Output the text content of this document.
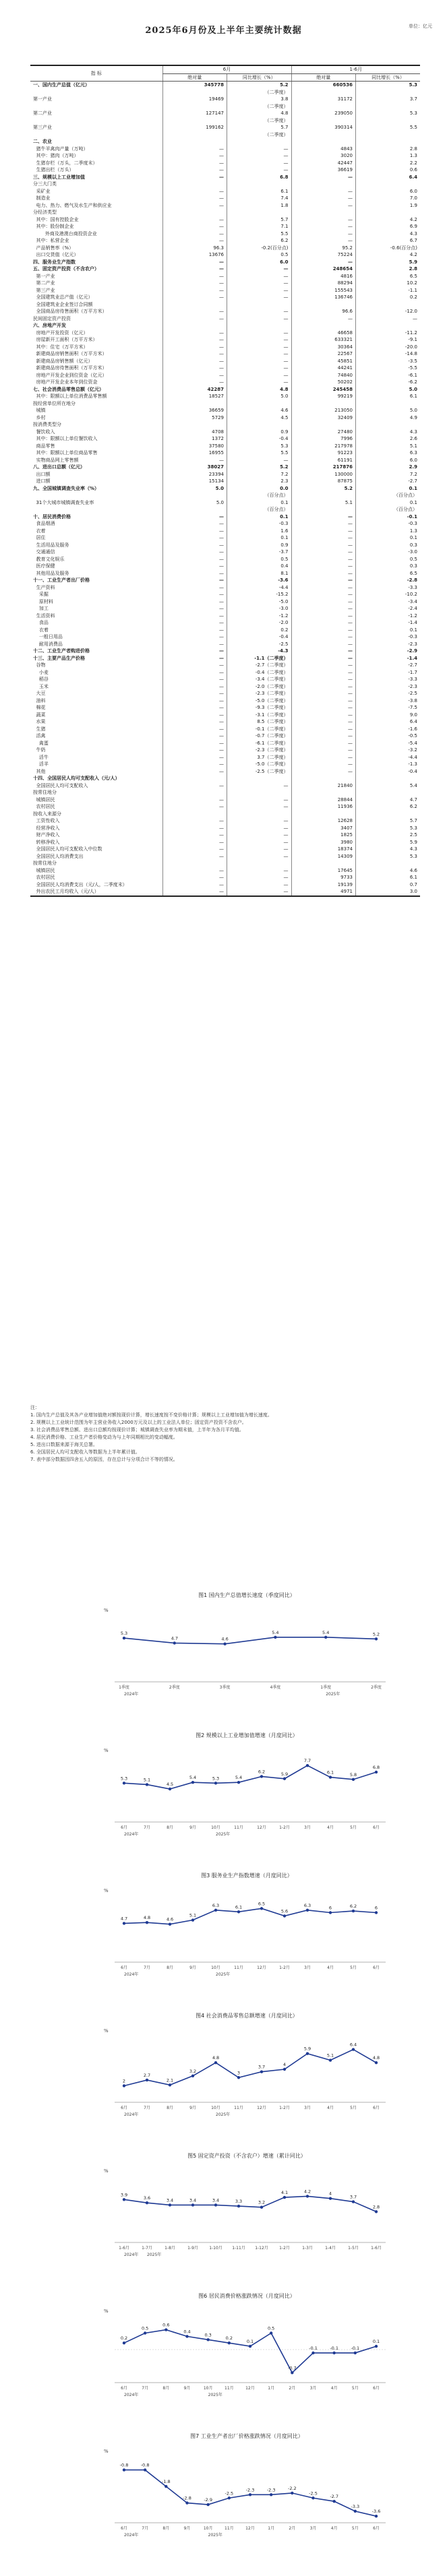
2025年6月份及上半年主要统计数据	单位：亿元
指 标	6月		1-6月	
	绝对量	同比增长（%）	绝对量	同比增长（%）
一、国内生产总值（亿元）	345778	5.2	660536	5.3
		（二季度）		
第一产业	19469	3.8	31172	3.7
		（二季度）		
第二产业	127147	4.8	239050	5.3
		（二季度）		
第三产业	199162	5.7	390314	5.5
		（二季度）		
二、农业				
猪牛羊禽肉产量（万吨）	—	—	4843	2.8
其中：猪肉（万吨）	—	—	3020	1.3
生猪存栏（万头，二季度末）	—	—	42447	2.2
生猪出栏（万头）	—	—	36619	0.6
三、规模以上工业增加值	—	6.8	—	6.4
分三大门类				
采矿业	—	6.1	—	6.0
制造业	—	7.4	—	7.0
电力、热力、燃气及水生产和供应业	—	1.8	—	1.9
分经济类型				
其中：国有控股企业	—	5.7	—	4.2
其中：股份制企业	—	7.1	—	6.9
外商及港澳台商投资企业	—	5.5	—	4.3
其中：私营企业	—	6.2	—	6.7
产品销售率（%）	96.3	-0.2(百分点)	95.2	-0.6(百分点)
出口交货值（亿元）	13676	0.5	75224	4.2
四、服务业生产指数	—	6.0	—	5.9
五、固定资产投资（不含农户）	—	—	248654	2.8
第一产业	—	—	4816	6.5
第二产业	—	—	88294	10.2
第三产业	—	—	155543	-1.1
全国建筑业总产值（亿元）	—	—	136746	0.2
全国建筑业企业签订合同额				
全国商品房待售面积（万平方米）	—	—	96.6	-12.0
民间固定资产投资	—	—	—	—
六、房地产开发				
房地产开发投资（亿元）	—	—	46658	-11.2
房屋新开工面积（万平方米）	—	—	633321	-9.1
其中：住宅（万平方米）	—	—	30364	-20.0
新建商品房销售面积（万平方米）	—	—	22567	-14.8
新建商品房销售额（亿元）	—	—	45851	-3.5
新建商品房待售面积（万平方米）	—	—	44241	-5.5
房地产开发企业到位资金（亿元）	—	—	74840	-6.1
房地产开发企业本年到位资金	—	—	50202	-6.2
七、社会消费品零售总额（亿元）	42287	4.8	245458	5.0
其中：限额以上单位消费品零售额	18527	5.0	99219	6.1
按经营单位所在地分				
城镇	36659	4.6	213050	5.0
乡村	5729	4.5	32409	4.9
按消费类型分				
餐饮收入	4708	0.9	27480	4.3
其中：限额以上单位餐饮收入	1372	-0.4	7996	2.6
商品零售	37580	5.3	217978	5.1
其中：限额以上单位商品零售	16955	5.5	91223	6.3
实物商品网上零售额	—	—	61191	6.0
八、进出口总额（亿元）	38027	5.2	217876	2.9
出口额	23394	7.2	130000	7.2
进口额	15134	2.3	87875	-2.7
九、全国城镇调查失业率（%）	5.0	0.0	5.2	0.1
		（百分点）		（百分点）
31个大城市城镇调查失业率	5.0	0.1	5.1	0.1
		（百分点）		（百分点）
十、居民消费价格	—	0.1	—	-0.1
食品烟酒	—	-0.3	—	-0.3
衣着	—	1.6	—	1.3
居住	—	0.1	—	0.1
生活用品及服务	—	0.9	—	0.3
交通通信	—	-3.7	—	-3.0
教育文化娱乐	—	0.5	—	0.5
医疗保健	—	0.4	—	0.3
其他用品及服务	—	8.1	—	6.5
十一、工业生产者出厂价格	—	-3.6	—	-2.8
生产资料	—	-4.4	—	-3.3
采掘	—	-15.2	—	-10.2
原材料	—	-5.0	—	-3.4
加工	—	-3.0	—	-2.4
生活资料	—	-1.2	—	-1.2
食品	—	-2.0	—	-1.4
衣着	—	0.2	—	0.1
一般日用品	—	-0.4	—	-0.3
耐用消费品	—	-2.5	—	-2.3
十二、工业生产者购进价格	—	-4.3	—	-2.9
十三、主要产品生产价格	—	-1.1（二季度）	—	-1.4
谷物	—	-2.7（二季度）	—	-2.7
小麦	—	-0.4（二季度）	—	-1.7
稻谷	—	-3.4（二季度）	—	-3.3
玉米	—	-2.0（二季度）	—	-2.3
大豆	—	-2.3（二季度）	—	-2.5
油料	—	-5.0（二季度）	—	-3.8
棉花	—	-9.3（二季度）	—	-7.5
蔬菜	—	-3.1（二季度）	—	9.0
水果	—	8.5（二季度）	—	6.4
生猪	—	-0.1（二季度）	—	-1.6
活禽	—	-0.7（二季度）	—	-0.5
禽蛋	—	-6.1（二季度）	—	-5.4
牛奶	—	-2.3（二季度）	—	-3.2
活牛	—	3.7（二季度）	—	-4.4
活羊	—	-5.0（二季度）	—	-1.3
其他	—	-2.5（二季度）	—	-0.4
十四、全国居民人均可支配收入（元/人）				
全国居民人均可支配收入	—	—	21840	5.4
按常住地分				
城镇居民	—	—	28844	4.7
农村居民	—	—	11936	6.2
按收入来源分				
工资性收入	—	—	12628	5.7
经营净收入	—	—	3407	5.3
财产净收入	—	—	1825	2.5
转移净收入	—	—	3980	5.9
全国居民人均可支配收入中位数	—	—	18374	4.3
全国居民人均消费支出	—	—	14309	5.3
按常住地分				
城镇居民	—	—	17645	4.6
农村居民	—	—	9733	6.1
全国居民人均消费支出（元/人，二季度末）	—	—	19139	0.7
外出农民工月均收入（元/人）	—	—	4971	3.0
注：
1. 国内生产总值及其各产业增加值绝对额按现价计算，增长速度按不变价格计算；规模以上工业增加值为增长速度。
2. 规模以上工业统计范围为年主营业务收入2000万元及以上的工业法人单位；固定资产投资不含农户。
3. 社会消费品零售总额、进出口总额均按现价计算；城镇调查失业率为期末值，上半年为各月平均值。
4. 居民消费价格、工业生产者价格变动为与上年同期相比的变动幅度。
5. 进出口数据来源于海关总署。
6. 全国居民人均可支配收入等数据为上半年累计值。
7. 表中部分数据因四舍五入的原因，存在总计与分项合计不等的情况。
图1 国内生产总值增长速度（季度同比）
%
5.3
1季度
4.7
2季度
4.6
3季度
5.4
4季度
5.4
1季度
5.2
2季度
2024年	2025年
图2 规模以上工业增加值增速（月度同比）
%
5.3
6月
5.1
7月
4.5
8月
5.4
9月
5.3
10月
5.4
11月
6.2
12月
5.9
1-2月
7.7
3月
6.1
4月
5.8
5月
6.8
6月
2024年	2025年
图3 服务业生产指数增速（月度同比）
%
4.7
6月
4.8
7月
4.6
8月
5.1
9月
6.3
10月
6.1
11月
6.5
12月
5.6
1-2月
6.3
3月
6
4月
6.2
5月
6
6月
2024年	2025年
图4 社会消费品零售总额增速（月度同比）
%
2
6月
2.7
7月
2.1
8月
3.2
9月
4.8
10月
3
11月
3.7
12月
4
1-2月
5.9
3月
5.1
4月
6.4
5月
4.8
6月
2024年	2025年
图5 固定资产投资（不含农户）增速（累计同比）
%
3.9
1-6月
3.6
1-7月
3.4
1-8月
3.4
1-9月
3.4
1-10月
3.3
1-11月
3.2
1-12月
4.1
1-2月
4.2
1-3月
4
1-4月
3.7
1-5月
2.8
1-6月
2024年 2025年
图6 居民消费价格涨跌情况（月度同比）
%
0.2
6月
0.5
7月
0.6
8月
0.4
9月
0.3
10月
0.2
11月
0.1
12月
0.5
1月
-0.7
2月
-0.1
3月
-0.1
4月
-0.1
5月
0.1
6月
2024年	2025年
图7 工业生产者出厂价格涨跌情况（月度同比）
%
-0.8
6月
-0.8
7月
-1.8
8月
-2.8
9月
-2.9
10月
-2.5
11月
-2.3
12月
-2.3
1月
-2.2
2月
-2.5
3月
-2.7
4月
-3.3
5月
-3.6
6月
2024年	2025年
